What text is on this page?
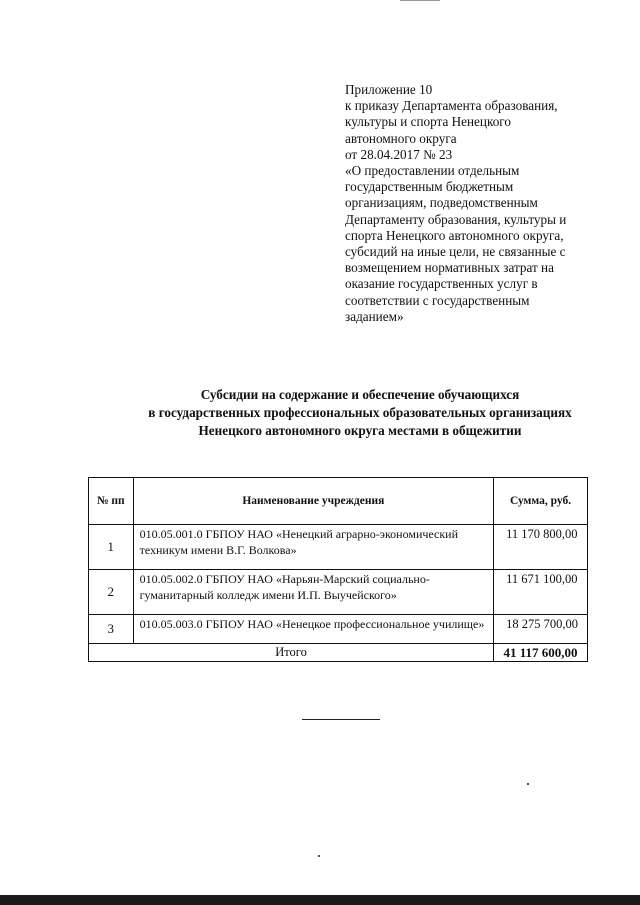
Приложение 10
к приказу Департамента образования,
культуры и спорта Ненецкого
автономного округа
от 28.04.2017 № 23
«О предоставлении отдельным
государственным бюджетным
организациям, подведомственным
Департаменту образования, культуры и
спорта Ненецкого автономного округа,
субсидий на иные цели, не связанные с
возмещением нормативных затрат на
оказание государственных услуг в
соответствии с государственным
заданием»
Субсидии на содержание и обеспечение обучающихся
в государственных профессиональных образовательных организациях
Ненецкого автономного округа местами в общежитии
№ пп	Наименование учреждения	Сумма, руб.
1	010.05.001.0 ГБПОУ НАО «Ненецкий аграрно-экономический
техникум имени В.Г. Волкова»	11 170 800,00
2	010.05.002.0 ГБПОУ НАО «Нарьян-Марский социально-
гуманитарный колледж имени И.П. Выучейского»	11 671 100,00
3	010.05.003.0 ГБПОУ НАО «Ненецкое профессиональное училище»	18 275 700,00
Итого		41 117 600,00
